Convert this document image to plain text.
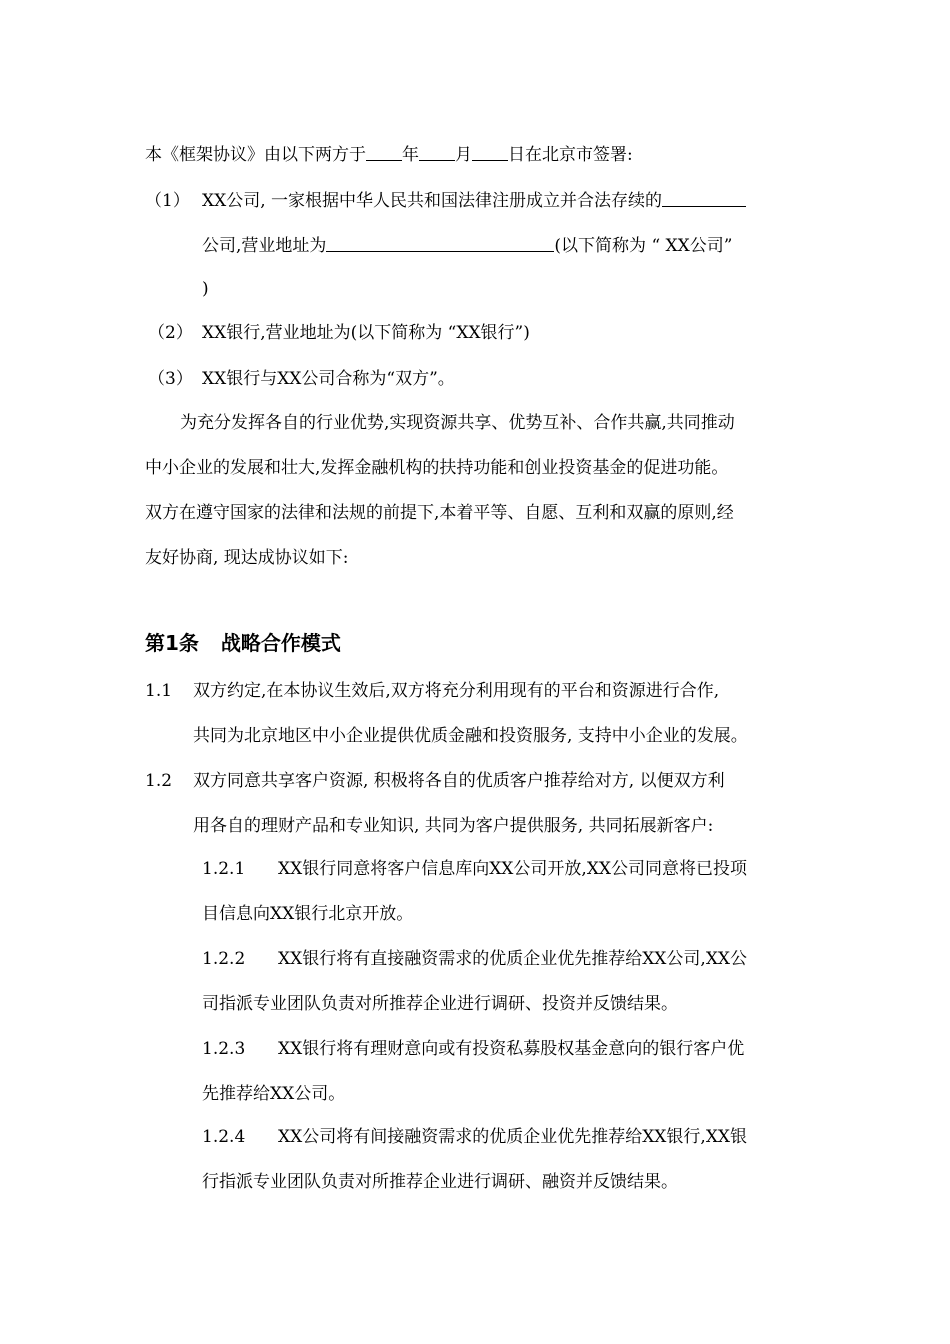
本《框架协议》由以下两方于 年 月 日在北京市签署:
（1） XX公司, 一家根据中华人民共和国法律注册成立并合法存续的
公司,营业地址为	(以下简称为 “ XX公司”
)
（2） XX银行,营业地址为(以下简称为 “XX银行”)
（3） XX银行与XX公司合称为“双方”。
为充分发挥各自的行业优势,实现资源共享、优势互补、合作共赢,共同推动
中小企业的发展和壮大,发挥金融机构的扶持功能和创业投资基金的促进功能。
双方在遵守国家的法律和法规的前提下,本着平等、自愿、互利和双赢的原则,经
友好协商, 现达成协议如下:
第1条 战略合作模式
1.1 双方约定,在本协议生效后,双方将充分利用现有的平台和资源进行合作,
共同为北京地区中小企业提供优质金融和投资服务, 支持中小企业的发展。
1.2 双方同意共享客户资源, 积极将各自的优质客户推荐给对方, 以便双方利
用各自的理财产品和专业知识, 共同为客户提供服务, 共同拓展新客户:
1.2.1 XX银行同意将客户信息库向XX公司开放,XX公司同意将已投项
目信息向XX银行北京开放。
1.2.2 XX银行将有直接融资需求的优质企业优先推荐给XX公司,XX公
司指派专业团队负责对所推荐企业进行调研、投资并反馈结果。
1.2.3 XX银行将有理财意向或有投资私募股权基金意向的银行客户优
先推荐给XX公司。
1.2.4 XX公司将有间接融资需求的优质企业优先推荐给XX银行,XX银
行指派专业团队负责对所推荐企业进行调研、融资并反馈结果。
